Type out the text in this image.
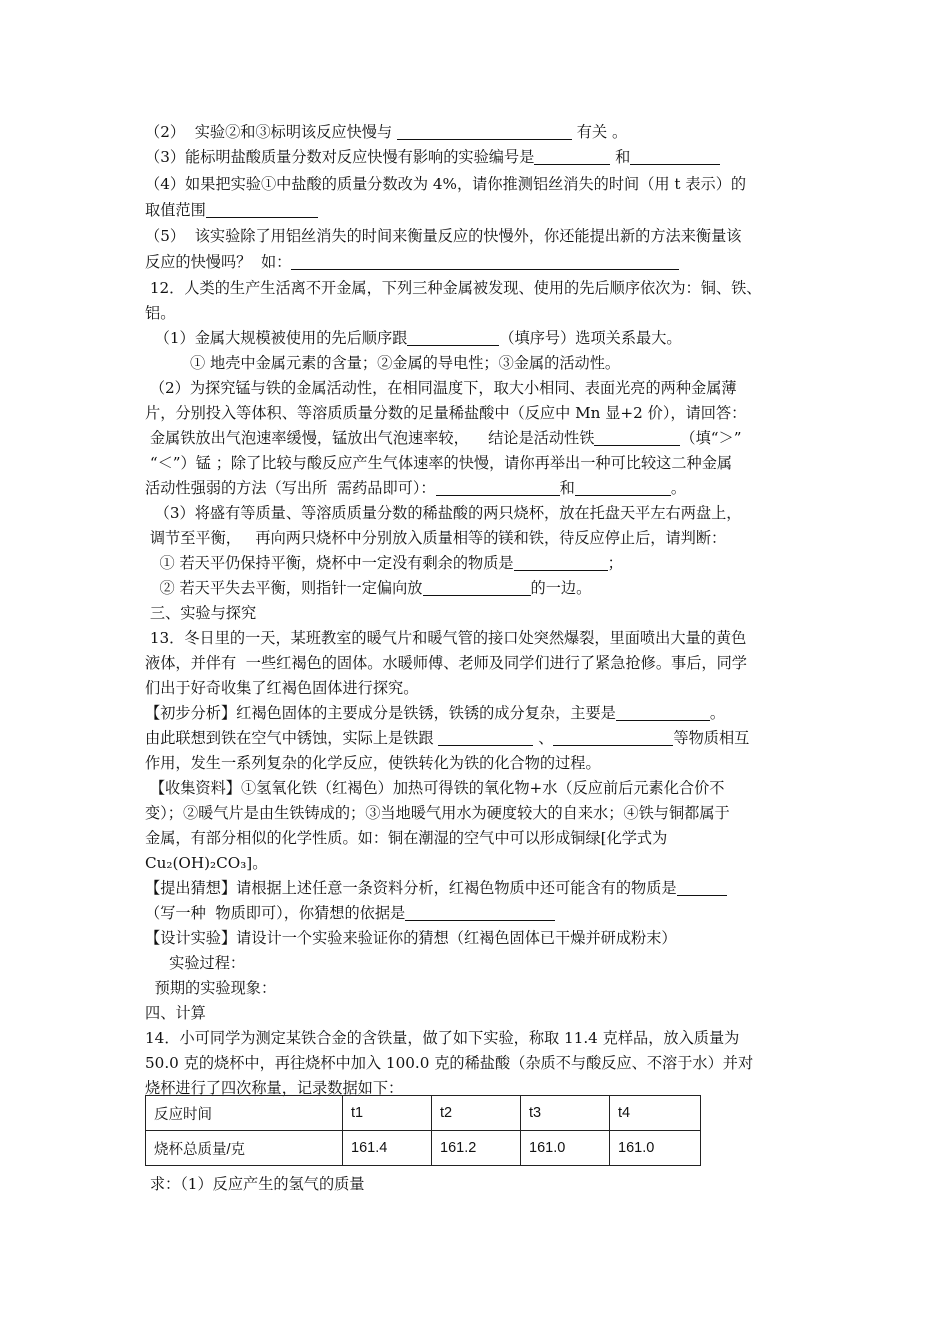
（2）  实验②和③标明该反应快慢与	有关 。
（3）能标明盐酸质量分数对反应快慢有影响的实验编号是	和
（4）如果把实验①中盐酸的质量分数改为 4%，请你推测铝丝消失的时间（用 t 表示）的
取值范围
（5）  该实验除了用铝丝消失的时间来衡量反应的快慢外，你还能提出新的方法来衡量该
反应的快慢吗？  如：
12．人类的生产生活离不开金属，下列三种金属被发现、使用的先后顺序依次为：铜、铁、
铝。
（1）金属大规模被使用的先后顺序跟	（填序号）选项关系最大。
① 地壳中金属元素的含量；②金属的导电性；③金属的活动性。
（2）为探究锰与铁的金属活动性，在相同温度下，取大小相同、表面光亮的两种金属薄
片，分别投入等体积、等溶质质量分数的足量稀盐酸中（反应中 Mn 显+2 价），请回答：
金属铁放出气泡速率缓慢，锰放出气泡速率较，    结论是活动性铁	（填“＞”
“＜”）锰 ；除了比较与酸反应产生气体速率的快慢，请你再举出一种可比较这二种金属
活动性强弱的方法（写出所  需药品即可）：	和	。
（3）将盛有等质量、等溶质质量分数的稀盐酸的两只烧杯，放在托盘天平左右两盘上，
调节至平衡，   再向两只烧杯中分别放入质量相等的镁和铁，待反应停止后，请判断：
① 若天平仍保持平衡，烧杯中一定没有剩余的物质是	；
② 若天平失去平衡，则指针一定偏向放	的一边。
三、实验与探究
13．冬日里的一天，某班教室的暖气片和暖气管的接口处突然爆裂，里面喷出大量的黄色
液体，并伴有  一些红褐色的固体。水暖师傅、老师及同学们进行了紧急抢修。事后，同学
们出于好奇收集了红褐色固体进行探究。
【初步分析】红褐色固体的主要成分是铁锈，铁锈的成分复杂，主要是	。
由此联想到铁在空气中锈蚀，实际上是铁跟	、	等物质相互
作用，发生一系列复杂的化学反应，使铁转化为铁的化合物的过程。
【收集资料】①氢氧化铁（红褐色）加热可得铁的氧化物+水（反应前后元素化合价不
变）；②暖气片是由生铁铸成的；③当地暖气用水为硬度较大的自来水；④铁与铜都属于
金属，有部分相似的化学性质。如：铜在潮湿的空气中可以形成铜绿[化学式为
Cu₂(OH)₂CO₃]。
【提出猜想】请根据上述任意一条资料分析，红褐色物质中还可能含有的物质是
（写一种  物质即可），你猜想的依据是
【设计实验】请设计一个实验来验证你的猜想（红褐色固体已干燥并研成粉末）
实验过程：
预期的实验现象：
四、计算
14．小可同学为测定某铁合金的含铁量，做了如下实验，称取 11.4 克样品，放入质量为
50.0 克的烧杯中，再往烧杯中加入 100.0 克的稀盐酸（杂质不与酸反应、不溶于水）并对
烧杯进行了四次称量，记录数据如下：
反应时间	t1	t2	t3	t4
烧杯总质量/克	161.4	161.2	161.0	161.0
求：（1）反应产生的氢气的质量
